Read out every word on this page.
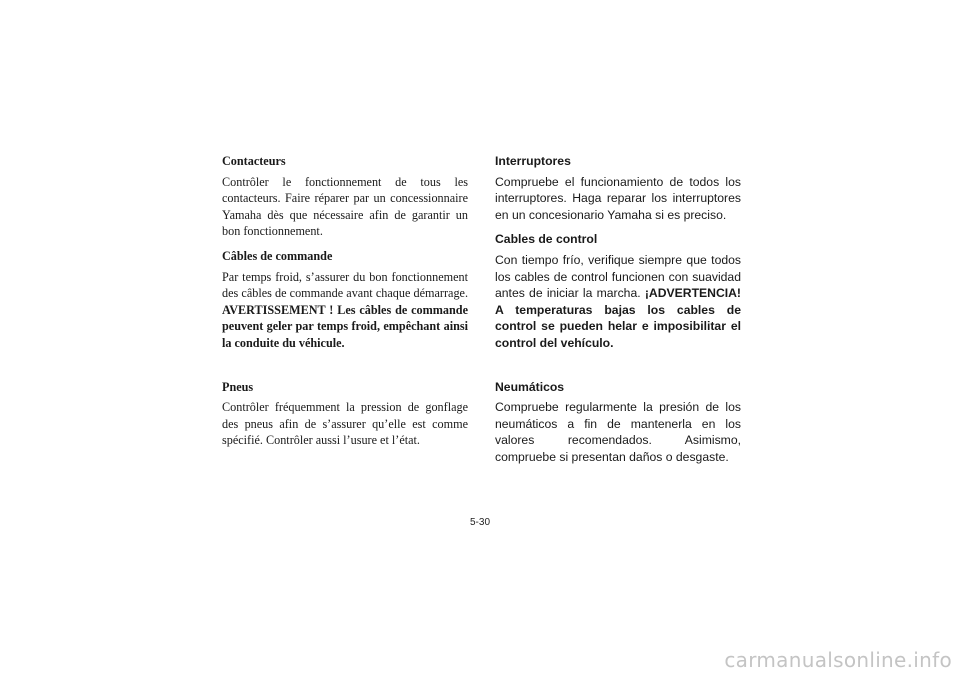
Contacteurs

Contrôler le fonctionnement de tous les contacteurs. Faire réparer par un concessionnaire Yamaha dès que nécessaire afin de garantir un bon fonctionnement.

Câbles de commande

Par temps froid, s’assurer du bon fonctionnement des câbles de commande avant chaque démarrage. AVERTISSEMENT ! Les câbles de commande peuvent geler par temps froid, empêchant ainsi la conduite du véhicule.

Pneus

Contrôler fréquemment la pression de gonflage des pneus afin de s’assurer qu’elle est comme spécifié. Contrôler aussi l’usure et l’état.

Interruptores

Compruebe el funcionamiento de todos los interruptores. Haga reparar los interruptores en un concesionario Yamaha si es preciso.

Cables de control

Con tiempo frío, verifique siempre que todos los cables de control funcionen con suavidad antes de iniciar la marcha. ¡ADVERTENCIA! A temperaturas bajas los cables de control se pueden helar e imposibilitar el control del vehículo.

Neumáticos

Compruebe regularmente la presión de los neumáticos a fin de mantenerla en los valores recomendados. Asimismo, compruebe si presentan daños o desgaste.

5-30
carmanualsonline.info
